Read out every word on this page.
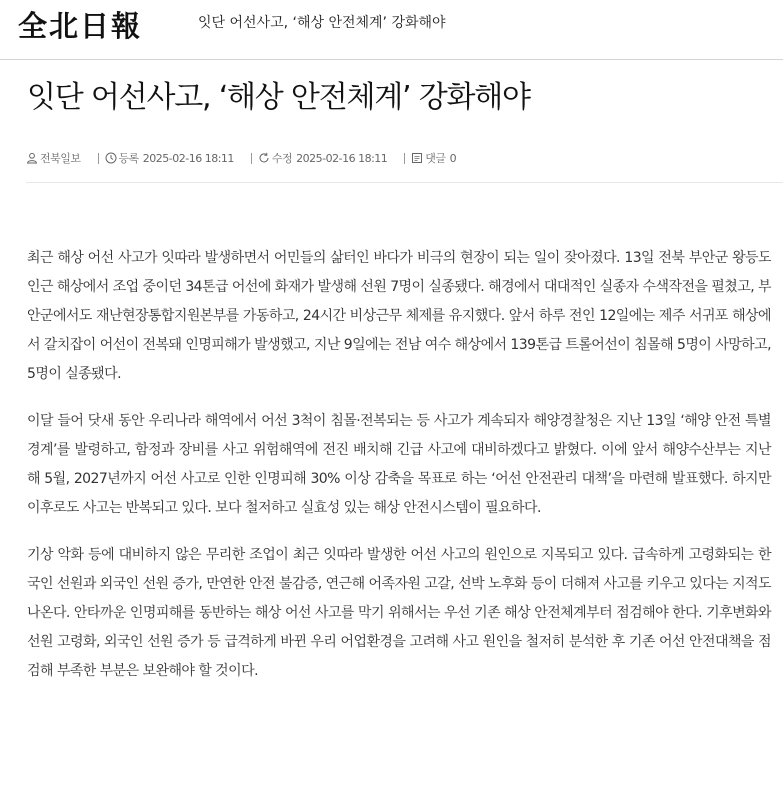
全北日報	잇단 어선사고, ‘해상 안전체계’ 강화해야
잇단 어선사고, ‘해상 안전체계’ 강화해야
전북일보	등록 2025-02-16 18:11	수정 2025-02-16 18:11	댓글 0

최근 해상 어선 사고가 잇따라 발생하면서 어민들의 삶터인 바다가 비극의 현장이 되는 일이 잦아졌다. 13일 전북 부안군 왕등도 인근 해상에서 조업 중이던 34톤급 어선에 화재가 발생해 선원 7명이 실종됐다. 해경에서 대대적인 실종자 수색작전을 펼쳤고, 부안군에서도 재난현장통합지원본부를 가동하고, 24시간 비상근무 체제를 유지했다. 앞서 하루 전인 12일에는 제주 서귀포 해상에서 갈치잡이 어선이 전복돼 인명피해가 발생했고, 지난 9일에는 전남 여수 해상에서 139톤급 트롤어선이 침몰해 5명이 사망하고, 5명이 실종됐다.

이달 들어 닷새 동안 우리나라 해역에서 어선 3척이 침몰·전복되는 등 사고가 계속되자 해양경찰청은 지난 13일 ‘해양 안전 특별 경계’를 발령하고, 함정과 장비를 사고 위험해역에 전진 배치해 긴급 사고에 대비하겠다고 밝혔다. 이에 앞서 해양수산부는 지난해 5월, 2027년까지 어선 사고로 인한 인명피해 30% 이상 감축을 목표로 하는 ‘어선 안전관리 대책’을 마련해 발표했다. 하지만 이후로도 사고는 반복되고 있다. 보다 철저하고 실효성 있는 해상 안전시스템이 필요하다.

기상 악화 등에 대비하지 않은 무리한 조업이 최근 잇따라 발생한 어선 사고의 원인으로 지목되고 있다. 급속하게 고령화되는 한국인 선원과 외국인 선원 증가, 만연한 안전 불감증, 연근해 어족자원 고갈, 선박 노후화 등이 더해져 사고를 키우고 있다는 지적도 나온다. 안타까운 인명피해를 동반하는 해상 어선 사고를 막기 위해서는 우선 기존 해상 안전체계부터 점검해야 한다. 기후변화와 선원 고령화, 외국인 선원 증가 등 급격하게 바뀐 우리 어업환경을 고려해 사고 원인을 철저히 분석한 후 기존 어선 안전대책을 점검해 부족한 부분은 보완해야 할 것이다.
